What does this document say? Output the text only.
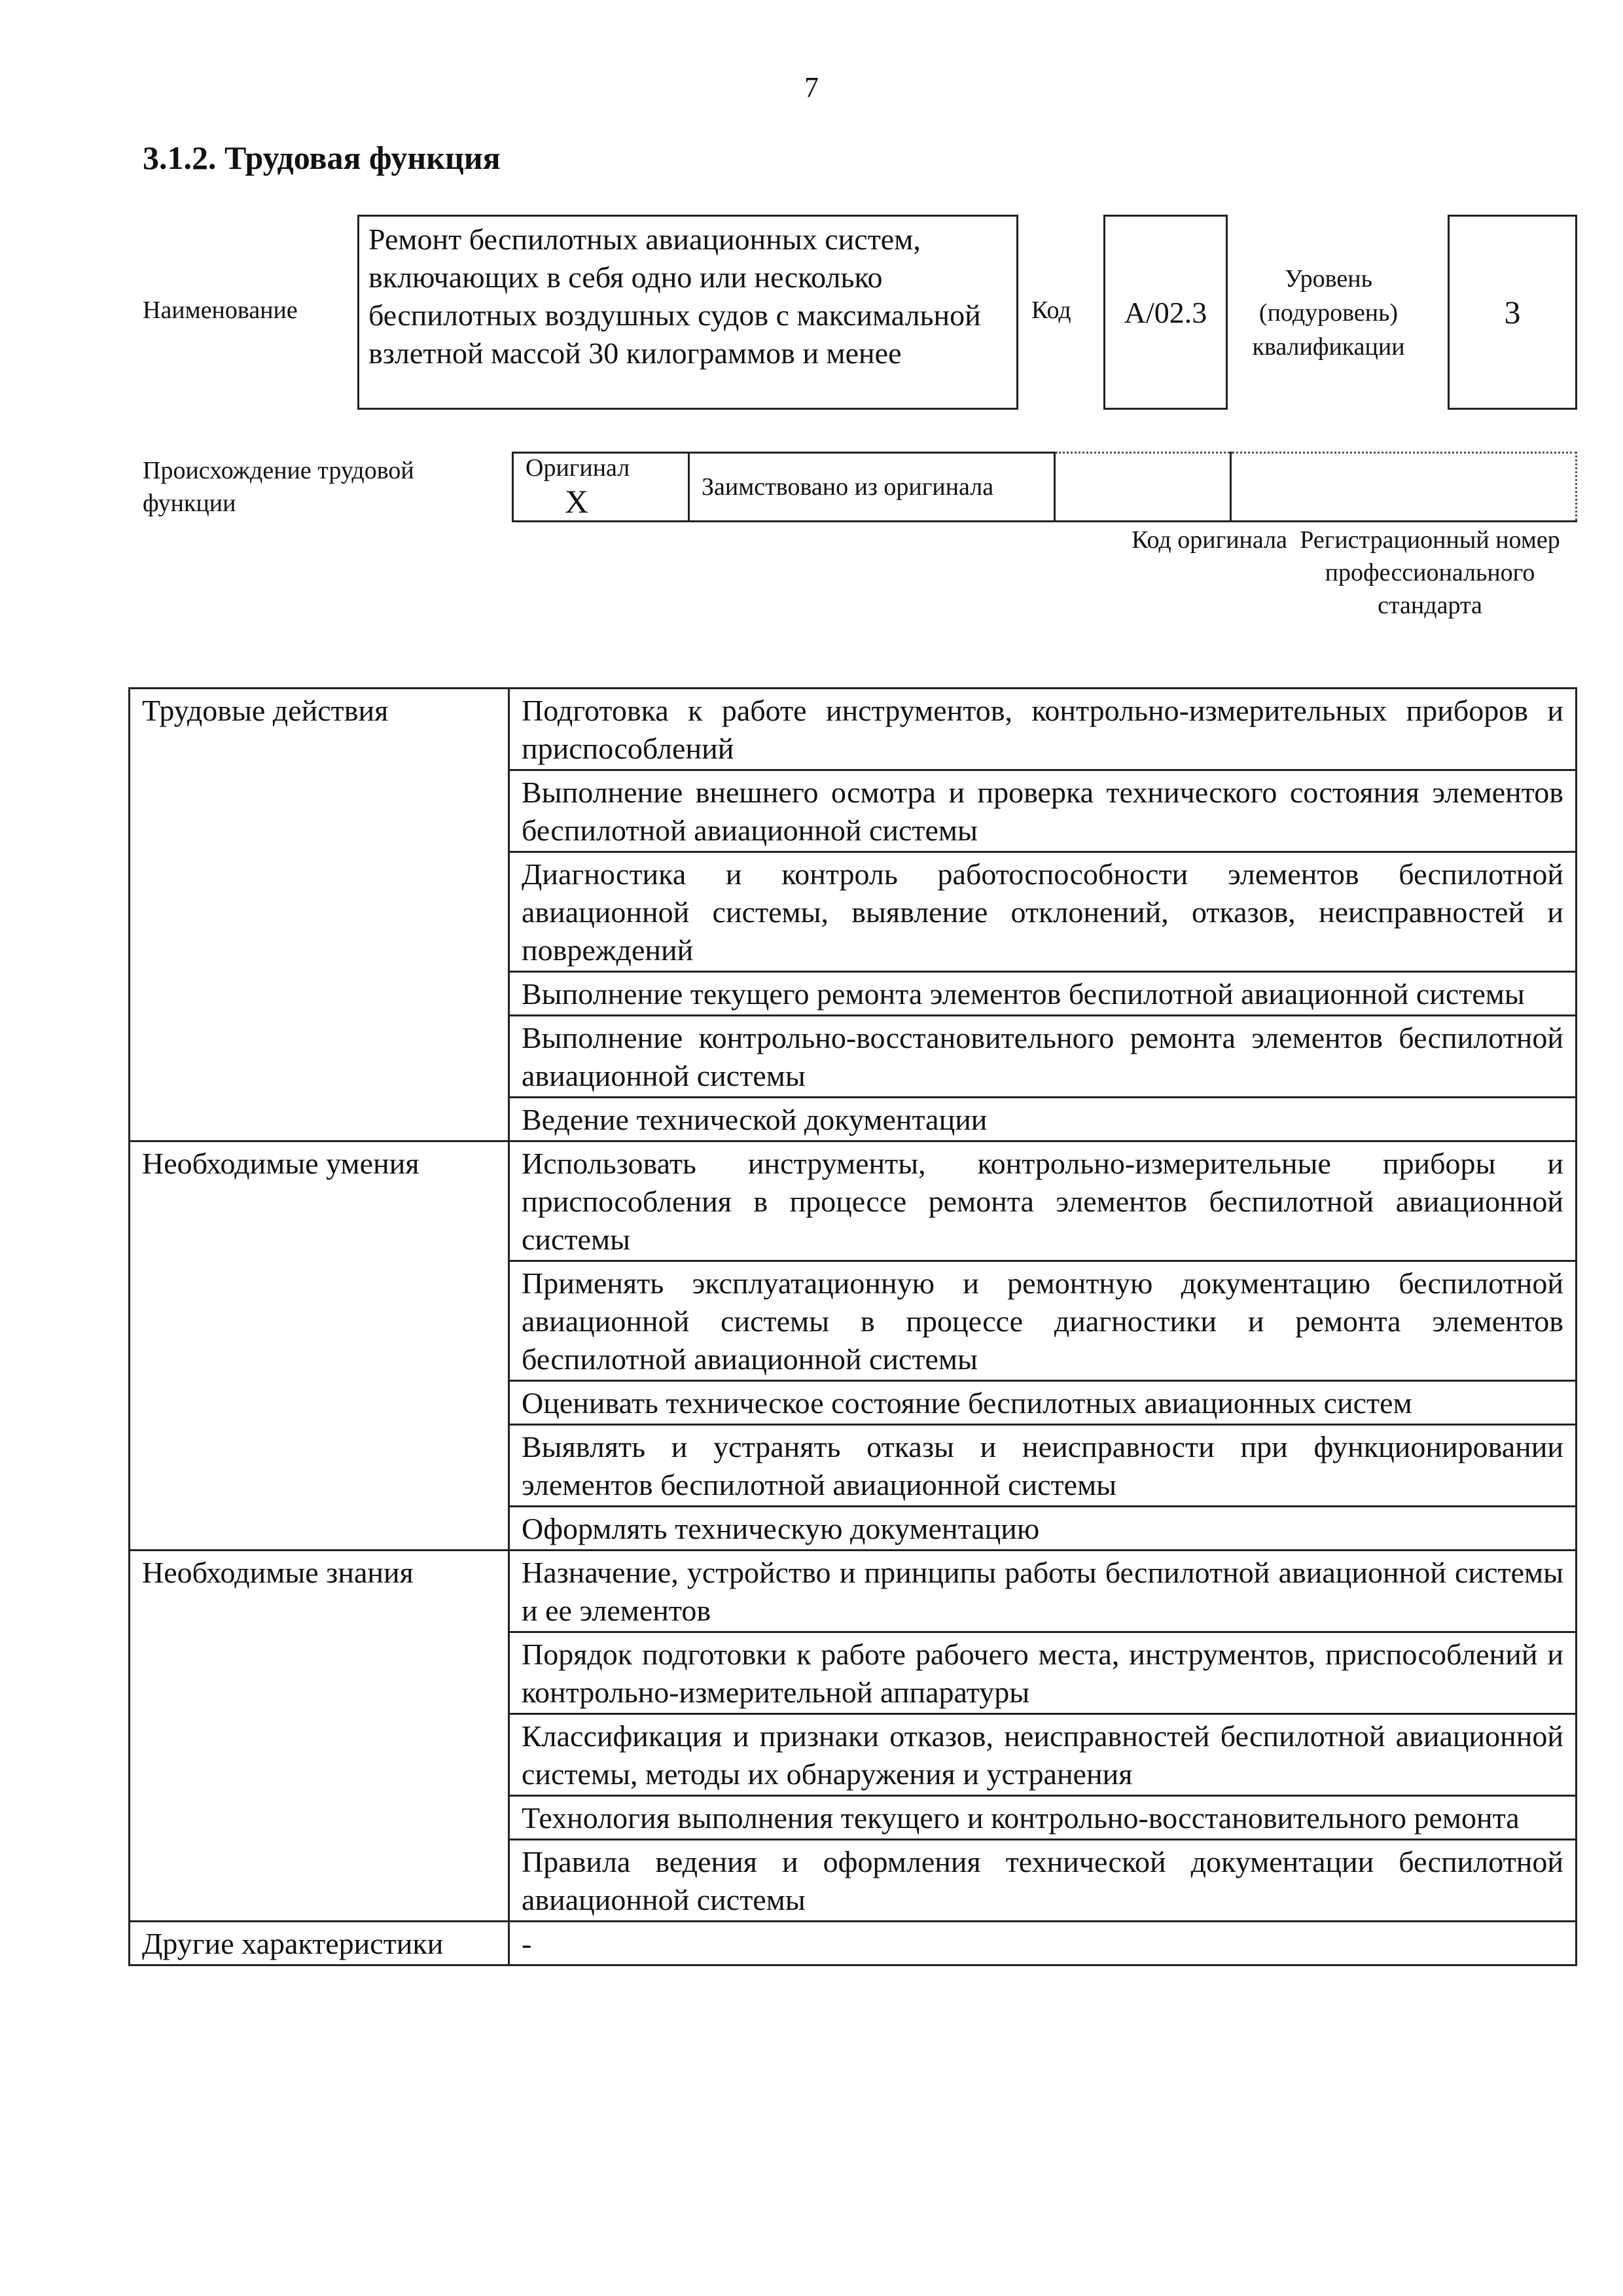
7
3.1.2. Трудовая функция
Наименование
Ремонт беспилотных авиационных систем, включающих в себя одно или несколько беспилотных воздушных судов с максимальной взлетной массой 30 килограммов и менее
Код A/02.3
Уровень (подуровень) квалификации
3
Происхождение трудовой функции
Оригинал X	Заимствовано из оригинала		
Код оригинала Регистрационный номер профессионального стандарта
Трудовые действия	Подготовка к работе инструментов, контрольно-измерительных приборов и приспособлений
	Выполнение внешнего осмотра и проверка технического состояния элементов беспилотной авиационной системы
	Диагностика и контроль работоспособности элементов беспилотной авиационной системы, выявление отклонений, отказов, неисправностей и повреждений
	Выполнение текущего ремонта элементов беспилотной авиационной системы
	Выполнение контрольно-восстановительного ремонта элементов беспилотной авиационной системы
	Ведение технической документации
Необходимые умения	Использовать инструменты, контрольно-измерительные приборы и приспособления в процессе ремонта элементов беспилотной авиационной системы
	Применять эксплуатационную и ремонтную документацию беспилотной авиационной системы в процессе диагностики и ремонта элементов беспилотной авиационной системы
	Оценивать техническое состояние беспилотных авиационных систем
	Выявлять и устранять отказы и неисправности при функционировании элементов беспилотной авиационной системы
	Оформлять техническую документацию
Необходимые знания	Назначение, устройство и принципы работы беспилотной авиационной системы и ее элементов
	Порядок подготовки к работе рабочего места, инструментов, приспособлений и контрольно-измерительной аппаратуры
	Классификация и признаки отказов, неисправностей беспилотной авиационной системы, методы их обнаружения и устранения
	Технология выполнения текущего и контрольно-восстановительного ремонта
	Правила ведения и оформления технической документации беспилотной авиационной системы
Другие характеристики	-
